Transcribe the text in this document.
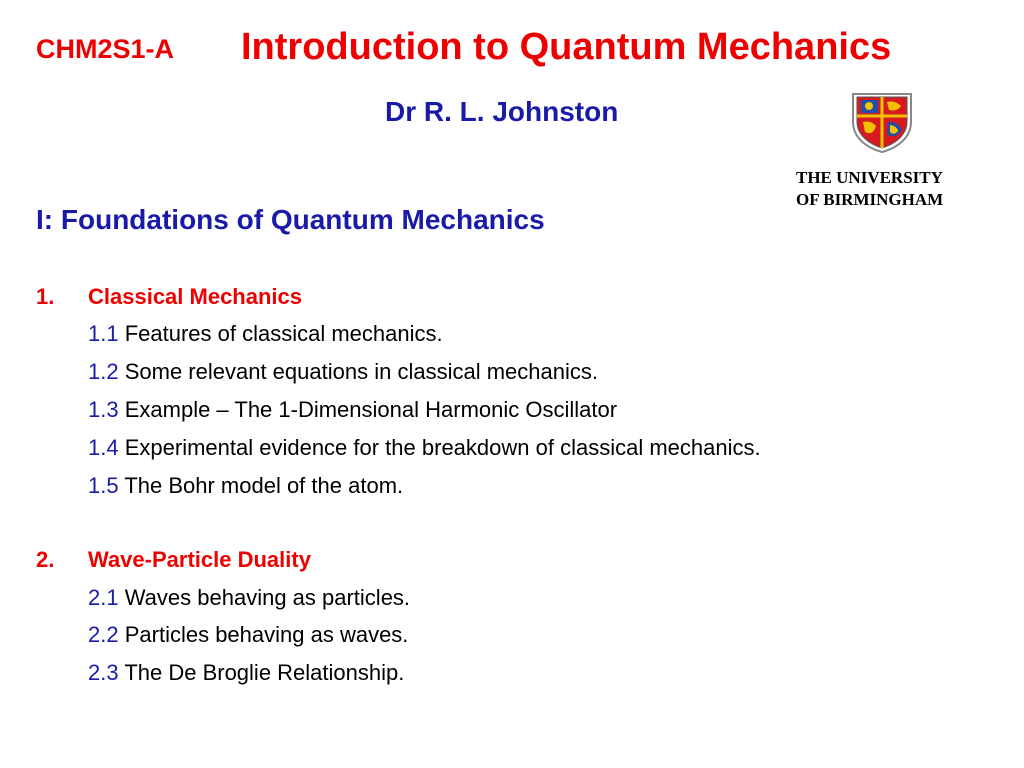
CHM2S1-A Introduction to Quantum Mechanics
Dr R. L. Johnston
THE UNIVERSITY
OF BIRMINGHAM
I: Foundations of Quantum Mechanics
1. Classical Mechanics
1.1 Features of classical mechanics.
1.2 Some relevant equations in classical mechanics.
1.3 Example – The 1-Dimensional Harmonic Oscillator
1.4 Experimental evidence for the breakdown of classical mechanics.
1.5 The Bohr model of the atom.
2. Wave-Particle Duality
2.1 Waves behaving as particles.
2.2 Particles behaving as waves.
2.3 The De Broglie Relationship.
